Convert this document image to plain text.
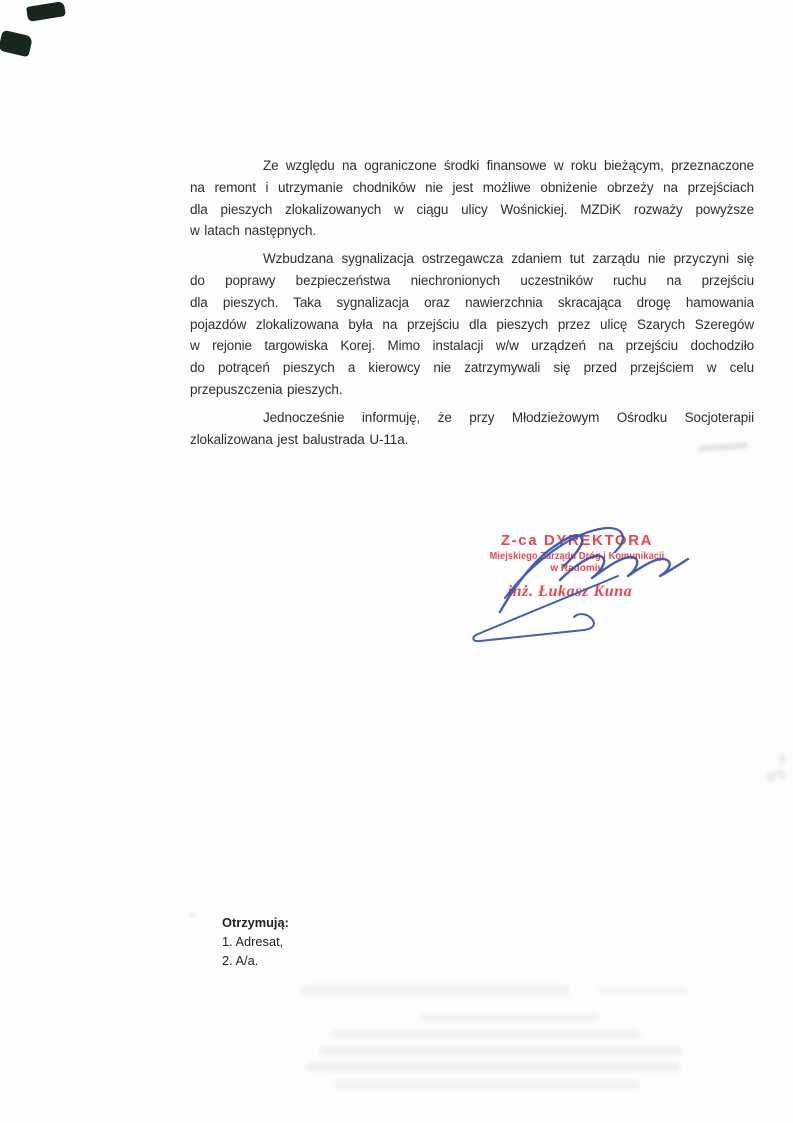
Ze względu na ograniczone środki finansowe w roku bieżącym, przeznaczone
na remont i utrzymanie chodników nie jest możliwe obniżenie obrzeży na przejściach
dla pieszych zlokalizowanych w ciągu ulicy Wośnickiej. MZDiK rozważy powyższe
w latach następnych.
Wzbudzana sygnalizacja ostrzegawcza zdaniem tut zarządu nie przyczyni się
do poprawy bezpieczeństwa niechronionych uczestników ruchu na przejściu
dla pieszych. Taka sygnalizacja oraz nawierzchnia skracająca drogę hamowania
pojazdów zlokalizowana była na przejściu dla pieszych przez ulicę Szarych Szeregów
w rejonie targowiska Korej. Mimo instalacji w/w urządzeń na przejściu dochodziło
do potrąceń pieszych a kierowcy nie zatrzymywali się przed przejściem w celu
przepuszczenia pieszych.
Jednocześnie informuję, że przy Młodzieżowym Ośrodku Socjoterapii
zlokalizowana jest balustrada U-11a.
Z-ca DYREKTORA
Miejskiego Zarządu Dróg i Komunikacji
w Radomiu
inż. Łukasz Kuna
Otrzymują:
1. Adresat,
2. A/a.
